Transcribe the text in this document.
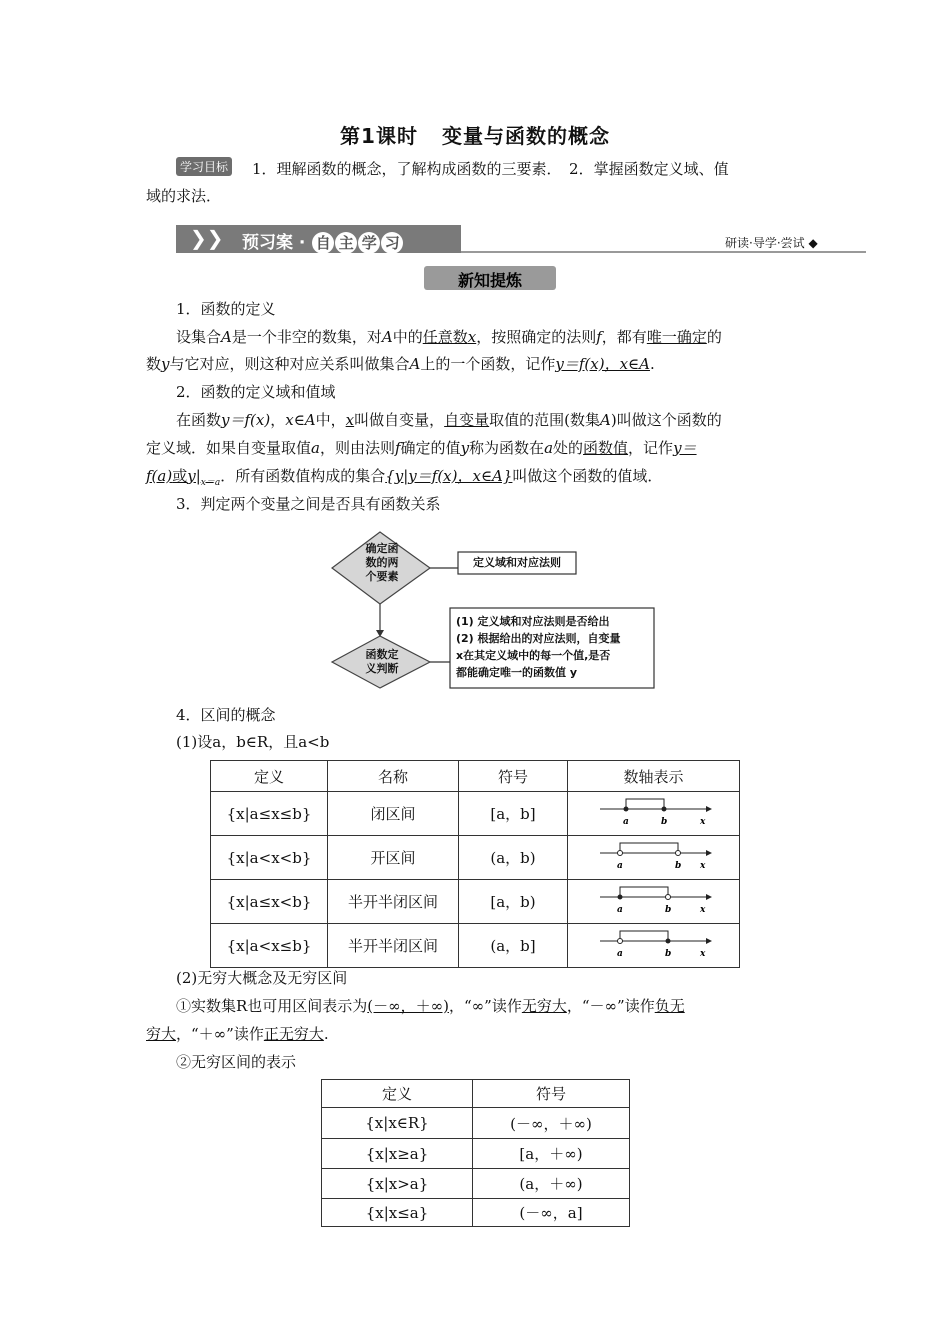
第1课时 变量与函数的概念
学习目标 1．理解函数的概念，了解构成函数的三要素．　2．掌握函数定义域、值
域的求法．
❯❯ 预习案 · 自 主 学 习	研读·导学·尝试 ◆
新知提炼
1．函数的定义
设集合A是一个非空的数集，对A中的任意数x，按照确定的法则f，都有唯一确定的
数y与它对应，则这种对应关系叫做集合A上的一个函数，记作y＝f(x)，x∈A.
2．函数的定义域和值域
在函数y＝f(x)，x∈A中，x叫做自变量，自变量取值的范围(数集A)叫做这个函数的
定义域．如果自变量取值a，则由法则f确定的值y称为函数在a处的函数值，记作y＝
f(a)或$y|_{x=a}$．所有函数值构成的集合{y|y＝f(x)，x∈A}叫做这个函数的值域．
3．判定两个变量之间是否具有函数关系
确定函
数的两
个要素
定义域和对应法则
函数定
义判断
(1) 定义域和对应法则是否给出
(2) 根据给出的对应法则，自变量
x在其定义域中的每一个值,是否
都能确定唯一的函数值 y
4．区间的概念
(1)设a，b∈R，且a<b
定义	名称	符号	数轴表示
{x|a≤x≤b}	闭区间	[a，b]	a b x

{x|a<x<b}	开区间	(a，b)	a b x

{x|a≤x<b}	半开半闭区间	[a，b)	a b x

{x|a<x≤b}	半开半闭区间	(a，b]	a b x
(2)无穷大概念及无穷区间
①实数集R也可用区间表示为(－∞，＋∞)，“∞”读作无穷大，“－∞”读作负无
穷大，“＋∞”读作正无穷大.
②无穷区间的表示
定义	符号
{x|x∈R}	(－∞，＋∞)
{x|x≥a}	[a，＋∞)
{x|x>a}	(a，＋∞)
{x|x≤a}	(－∞，a]
